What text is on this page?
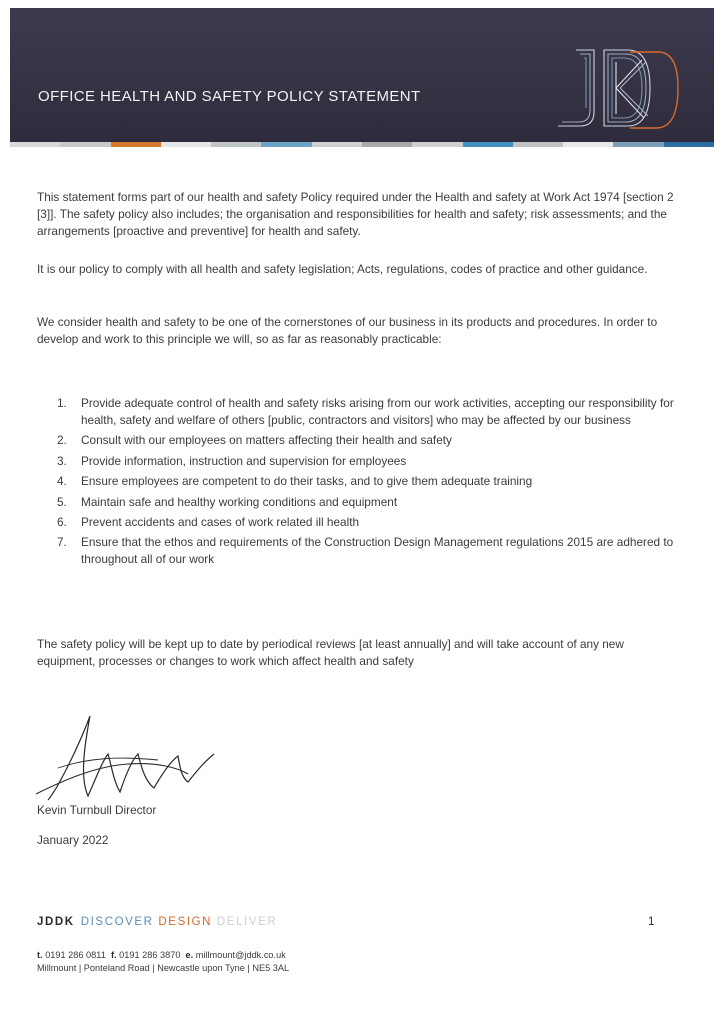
OFFICE HEALTH AND SAFETY POLICY STATEMENT
This statement forms part of our health and safety Policy required under the Health and safety at Work Act 1974 [section 2 [3]]. The safety policy also includes; the organisation and responsibilities for health and safety; risk assessments; and the arrangements [proactive and preventive] for health and safety.
It is our policy to comply with all health and safety legislation; Acts, regulations, codes of practice and other guidance.
We consider health and safety to be one of the cornerstones of our business in its products and procedures. In order to develop and work to this principle we will, so as far as reasonably practicable:
1. Provide adequate control of health and safety risks arising from our work activities, accepting our responsibility for health, safety and welfare of others [public, contractors and visitors] who may be affected by our business
2. Consult with our employees on matters affecting their health and safety
3. Provide information, instruction and supervision for employees
4. Ensure employees are competent to do their tasks, and to give them adequate training
5. Maintain safe and healthy working conditions and equipment
6. Prevent accidents and cases of work related ill health
7. Ensure that the ethos and requirements of the Construction Design Management regulations 2015 are adhered to throughout all of our work
The safety policy will be kept up to date by periodical reviews [at least annually] and will take account of any new equipment, processes or changes to work which affect health and safety
Kevin Turnbull Director
January 2022
JDDK DISCOVER DESIGN DELIVER	1
t. 0191 286 0811 f. 0191 286 3870 e. millmount@jddk.co.uk
Millmount | Ponteland Road | Newcastle upon Tyne | NE5 3AL
